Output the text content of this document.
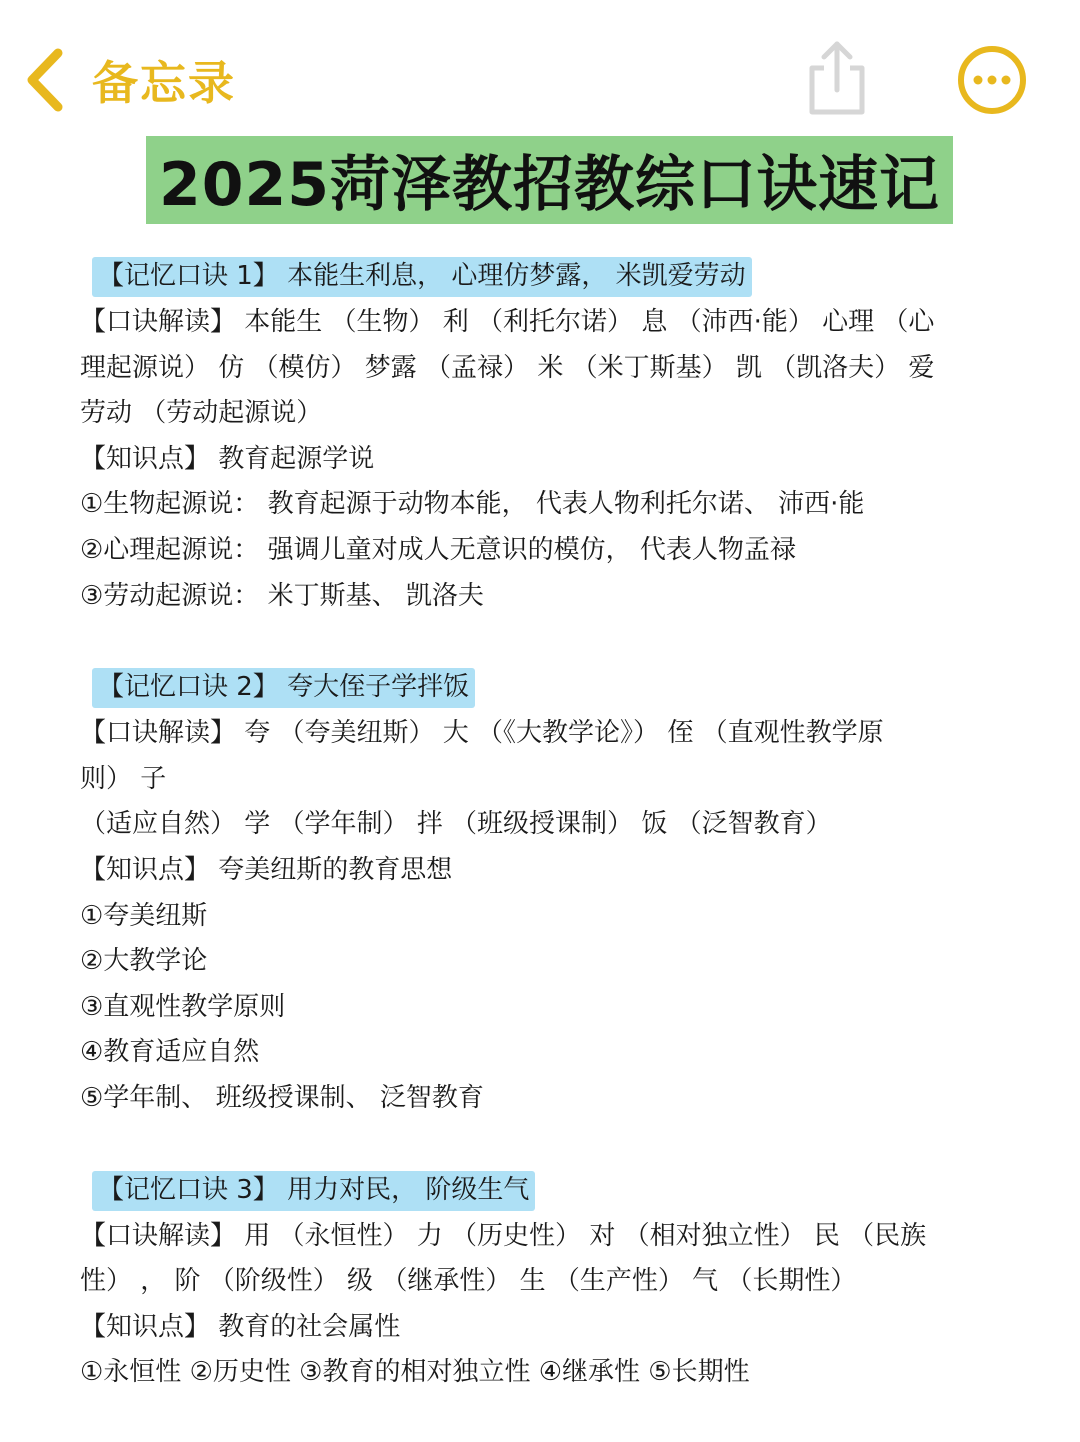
备忘录
2025菏泽教招教综口诀速记
【记忆口诀 1】 本能生利息， 心理仿梦露， 米凯爱劳动
【口诀解读】 本能生 （生物） 利 （利托尔诺） 息 （沛西·能） 心理 （心
理起源说） 仿 （模仿） 梦露 （孟禄） 米 （米丁斯基） 凯 （凯洛夫） 爱
劳动 （劳动起源说）
【知识点】 教育起源学说
①生物起源说： 教育起源于动物本能， 代表人物利托尔诺、 沛西·能
②心理起源说： 强调儿童对成人无意识的模仿， 代表人物孟禄
③劳动起源说： 米丁斯基、 凯洛夫
【记忆口诀 2】 夸大侄子学拌饭
【口诀解读】 夸 （夸美纽斯） 大 （《大教学论》） 侄 （直观性教学原
则） 子
（适应自然） 学 （学年制） 拌 （班级授课制） 饭 （泛智教育）
【知识点】 夸美纽斯的教育思想
①夸美纽斯
②大教学论
③直观性教学原则
④教育适应自然
⑤学年制、 班级授课制、 泛智教育
【记忆口诀 3】 用力对民， 阶级生气
【口诀解读】 用 （永恒性） 力 （历史性） 对 （相对独立性） 民 （民族
性） ， 阶 （阶级性） 级 （继承性） 生 （生产性） 气 （长期性）
【知识点】 教育的社会属性
①永恒性 ②历史性 ③教育的相对独立性 ④继承性 ⑤长期性
